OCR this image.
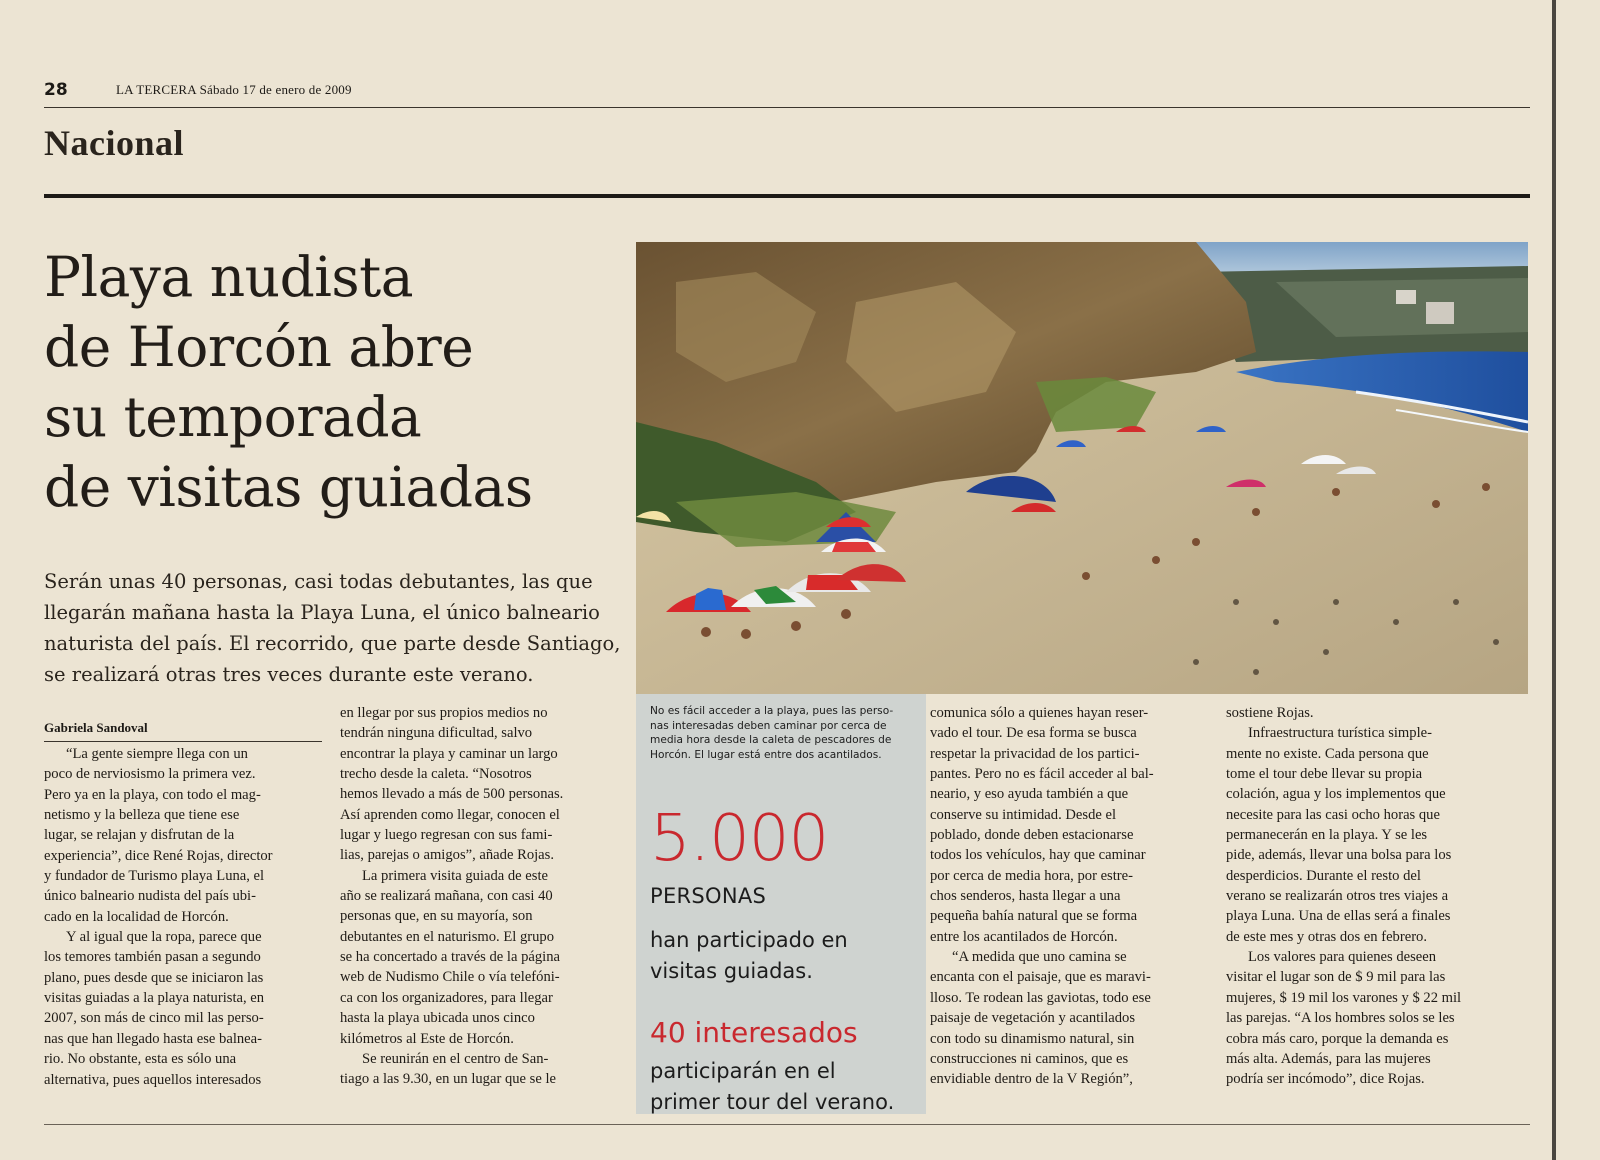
28	LA TERCERA Sábado 17 de enero de 2009
Nacional
Playa nudista
de Horcón abre
su temporada
de visitas guiadas
Serán unas 40 personas, casi todas debutantes, las que
llegarán mañana hasta la Playa Luna, el único balneario
naturista del país. El recorrido, que parte desde Santiago,
se realizará otras tres veces durante este verano.
Gabriela Sandoval
“La gente siempre llega con un
poco de nerviosismo la primera vez.
Pero ya en la playa, con todo el mag-
netismo y la belleza que tiene ese
lugar, se relajan y disfrutan de la
experiencia”, dice René Rojas, director
y fundador de Turismo playa Luna, el
único balneario nudista del país ubi-
cado en la localidad de Horcón.
Y al igual que la ropa, parece que
los temores también pasan a segundo
plano, pues desde que se iniciaron las
visitas guiadas a la playa naturista, en
2007, son más de cinco mil las perso-
nas que han llegado hasta ese balneа-
rio. No obstante, esta es sólo una
alternativa, pues aquellos interesados
en llegar por sus propios medios no
tendrán ninguna dificultad, salvo
encontrar la playa y caminar un largo
trecho desde la caleta. “Nosotros
hemos llevado a más de 500 personas.
Así aprenden como llegar, conocen el
lugar y luego regresan con sus fami-
lias, parejas o amigos”, añade Rojas.
La primera visita guiada de este
año se realizará mañana, con casi 40
personas que, en su mayoría, son
debutantes en el naturismo. El grupo
se ha concertado a través de la página
web de Nudismo Chile o vía telefóni-
ca con los organizadores, para llegar
hasta la playa ubicada unos cinco
kilómetros al Este de Horcón.
Se reunirán en el centro de San-
tiago a las 9.30, en un lugar que se le
No es fácil acceder a la playa, pues las perso-
nas interesadas deben caminar por cerca de
media hora desde la caleta de pescadores de
Horcón. El lugar está entre dos acantilados.
5.000
PERSONAS
han participado en
visitas guiadas.
40 interesados
participarán en el
primer tour del verano.
comunica sólo a quienes hayan reser-
vado el tour. De esa forma se busca
respetar la privacidad de los partici-
pantes. Pero no es fácil acceder al bal-
neario, y eso ayuda también a que
conserve su intimidad. Desde el
poblado, donde deben estacionarse
todos los vehículos, hay que caminar
por cerca de media hora, por estre-
chos senderos, hasta llegar a una
pequeña bahía natural que se forma
entre los acantilados de Horcón.
“A medida que uno camina se
encanta con el paisaje, que es maravi-
lloso. Te rodean las gaviotas, todo ese
paisaje de vegetación y acantilados
con todo su dinamismo natural, sin
construcciones ni caminos, que es
envidiable dentro de la V Región”,
sostiene Rojas.
Infraestructura turística simple-
mente no existe. Cada persona que
tome el tour debe llevar su propia
colación, agua y los implementos que
necesite para las casi ocho horas que
permanecerán en la playa. Y se les
pide, además, llevar una bolsa para los
desperdicios. Durante el resto del
verano se realizarán otros tres viajes a
playa Luna. Una de ellas será a finales
de este mes y otras dos en febrero.
Los valores para quienes deseen
visitar el lugar son de $ 9 mil para las
mujeres, $ 19 mil los varones y $ 22 mil
las parejas. “A los hombres solos se les
cobra más caro, porque la demanda es
más alta. Además, para las mujeres
podría ser incómodo”, dice Rojas.
